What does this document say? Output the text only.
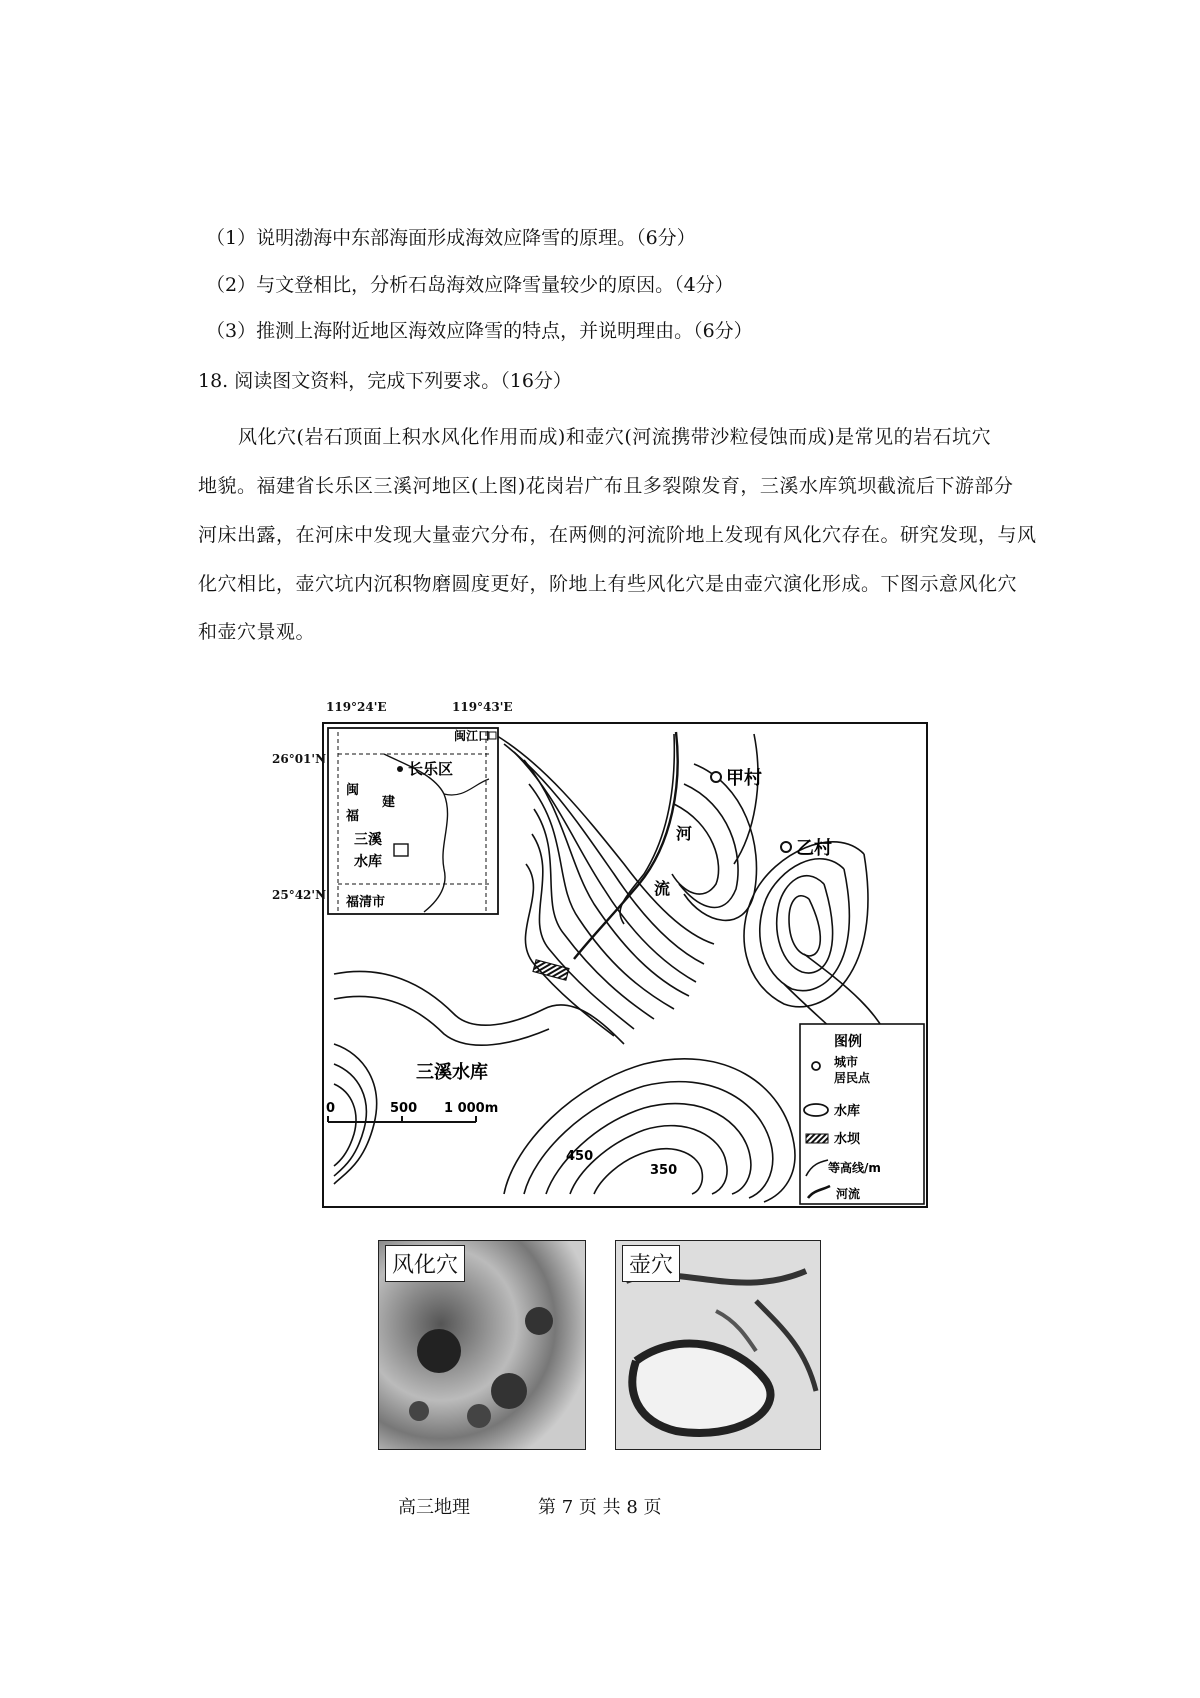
（1）说明渤海中东部海面形成海效应降雪的原理。（6分）
（2）与文登相比，分析石岛海效应降雪量较少的原因。（4分）
（3）推测上海附近地区海效应降雪的特点，并说明理由。（6分）
18. 阅读图文资料，完成下列要求。（16分）
风化穴(岩石顶面上积水风化作用而成)和壶穴(河流携带沙粒侵蚀而成)是常见的岩石坑穴
地貌。福建省长乐区三溪河地区(上图)花岗岩广布且多裂隙发育，三溪水库筑坝截流后下游部分
河床出露，在河床中发现大量壶穴分布，在两侧的河流阶地上发现有风化穴存在。研究发现，与风
化穴相比，壶穴坑内沉积物磨圆度更好，阶地上有些风化穴是由壶穴演化形成。下图示意风化穴
和壶穴景观。
长乐区
闽江口
闽
建
福
三溪
水库
福清市
甲村
乙村
河
流
三溪水库
0	500 1 000m
450
350
图例
城市
居民点
水库
水坝
等高线/m
河流
119°24'E	119°43'E
26°01'N
25°42'N
风化穴	壶穴
高三地理	第 7 页 共 8 页
